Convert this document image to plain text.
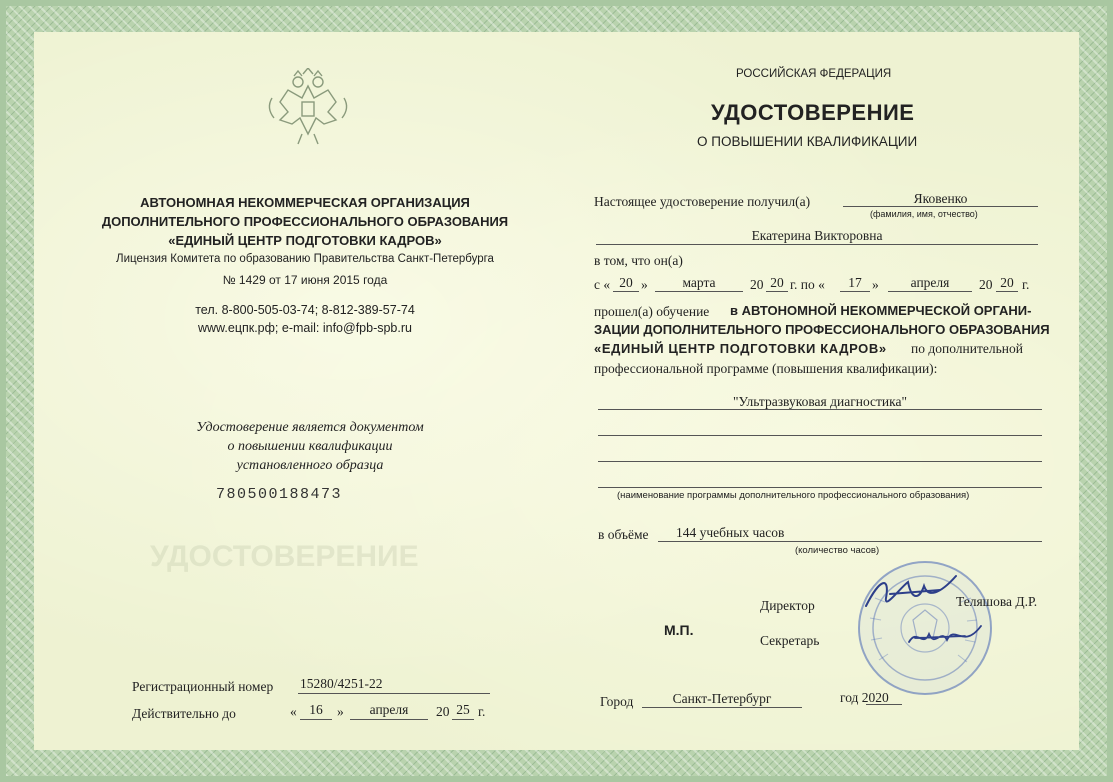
УДОСТОВЕРЕНИЕ
АВТОНОМНАЯ НЕКОММЕРЧЕСКАЯ ОРГАНИЗАЦИЯ
ДОПОЛНИТЕЛЬНОГО ПРОФЕССИОНАЛЬНОГО ОБРАЗОВАНИЯ
«ЕДИНЫЙ ЦЕНТР ПОДГОТОВКИ КАДРОВ»
Лицензия Комитета по образованию Правительства Санкт-Петербурга
№ 1429 от 17 июня 2015 года
тел. 8-800-505-03-74; 8-812-389-57-74
www.ецпк.рф; e-mail: info@fpb-spb.ru
Удостоверение является документом
о повышении квалификации
установленного образца
780500188473
Регистрационный номер 15280/4251-22
Действительно до	« 16	»	апреля	20 25 г.
РОССИЙСКАЯ ФЕДЕРАЦИЯ
УДОСТОВЕРЕНИЕ
О ПОВЫШЕНИИ КВАЛИФИКАЦИИ
Настоящее удостоверение получил(а)	Яковенко
(фамилия, имя, отчество)
Екатерина Викторовна
в том, что он(а)
с « 20 »	марта	20 20 г. по «	17 »	апреля	20 20 г.
прошел(а) обучение в АВТОНОМНОЙ НЕКОММЕРЧЕСКОЙ ОРГАНИ-
ЗАЦИИ ДОПОЛНИТЕЛЬНОГО ПРОФЕССИОНАЛЬНОГО ОБРАЗОВАНИЯ
«ЕДИНЫЙ ЦЕНТР ПОДГОТОВКИ КАДРОВ» по дополнительной
профессиональной программе (повышения квалификации):
"Ультразвуковая диагностика"
(наименование программы дополнительного профессионального образования)
в объёме 144 учебных часов
(количество часов)
М.П.
Директор	Теляшова Д.Р.
Секретарь
Город	Санкт-Петербург	год 2020
